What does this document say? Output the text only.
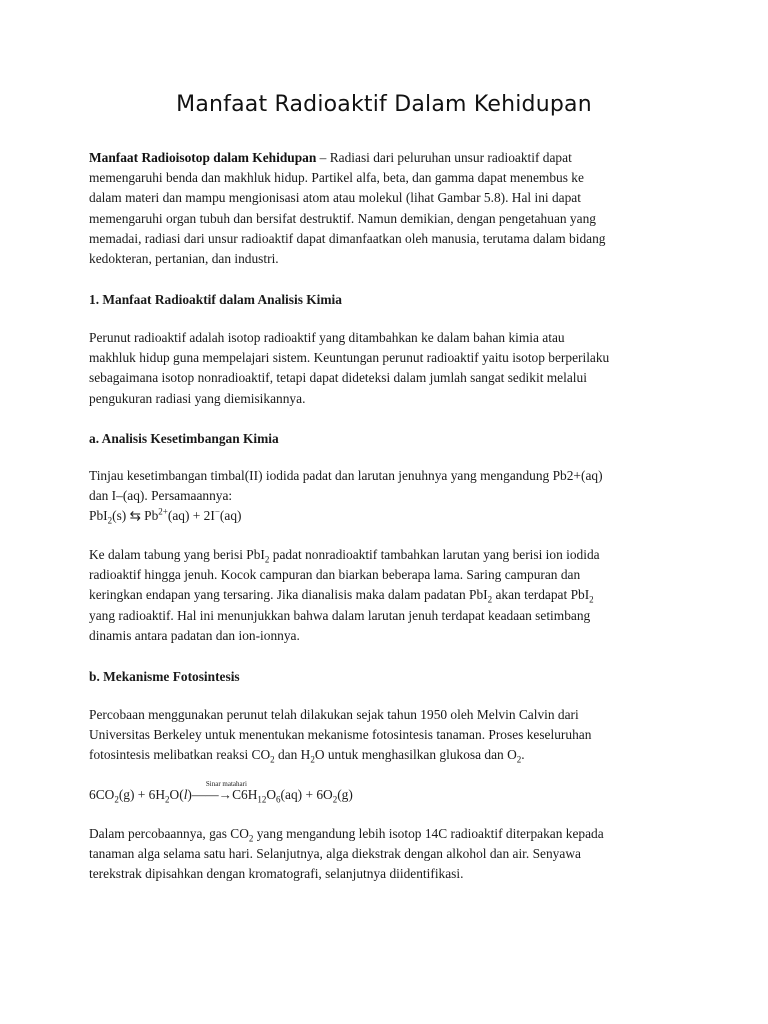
Manfaat Radioaktif Dalam Kehidupan
Manfaat Radioisotop dalam Kehidupan – Radiasi dari peluruhan unsur radioaktif dapat
memengaruhi benda dan makhluk hidup. Partikel alfa, beta, dan gamma dapat menembus ke
dalam materi dan mampu mengionisasi atom atau molekul (lihat Gambar 5.8). Hal ini dapat
memengaruhi organ tubuh dan bersifat destruktif. Namun demikian, dengan pengetahuan yang
memadai, radiasi dari unsur radioaktif dapat dimanfaatkan oleh manusia, terutama dalam bidang
kedokteran, pertanian, dan industri.
1. Manfaat Radioaktif dalam Analisis Kimia
Perunut radioaktif adalah isotop radioaktif yang ditambahkan ke dalam bahan kimia atau
makhluk hidup guna mempelajari sistem. Keuntungan perunut radioaktif yaitu isotop berperilaku
sebagaimana isotop nonradioaktif, tetapi dapat dideteksi dalam jumlah sangat sedikit melalui
pengukuran radiasi yang diemisikannya.
a. Analisis Kesetimbangan Kimia
Tinjau kesetimbangan timbal(II) iodida padat dan larutan jenuhnya yang mengandung Pb2+(aq)
dan I–(aq). Persamaannya:
PbI$_2$(s) ⇆ $Pb^{2+}(aq) + 2I^-(aq)$
Ke dalam tabung yang berisi PbI$_2$ padat nonradioaktif tambahkan larutan yang berisi ion iodida
radioaktif hingga jenuh. Kocok campuran dan biarkan beberapa lama. Saring campuran dan
keringkan endapan yang tersaring. Jika dianalisis maka dalam padatan PbI$_2$ akan terdapat PbI$_2$
yang radioaktif. Hal ini menunjukkan bahwa dalam larutan jenuh terdapat keadaan setimbang
dinamis antara padatan dan ion-ionnya.
b. Mekanisme Fotosintesis
Percobaan menggunakan perunut telah dilakukan sejak tahun 1950 oleh Melvin Calvin dari
Universitas Berkeley untuk menentukan mekanisme fotosintesis tanaman. Proses keseluruhan
fotosintesis melibatkan reaksi $CO_2$ dan $H_2O$ untuk menghasilkan glukosa dan $O_2$.
$6CO_2(g) + 6H_2O(l)$
Sinar matahari
$——\to C6H_{12}O_6(aq) + 6O_2(g)$
Dalam percobaannya, gas $CO_2$ yang mengandung lebih isotop 14C radioaktif diterpakan kepada
tanaman alga selama satu hari. Selanjutnya, alga diekstrak dengan alkohol dan air. Senyawa
terekstrak dipisahkan dengan kromatografi, selanjutnya diidentifikasi.
